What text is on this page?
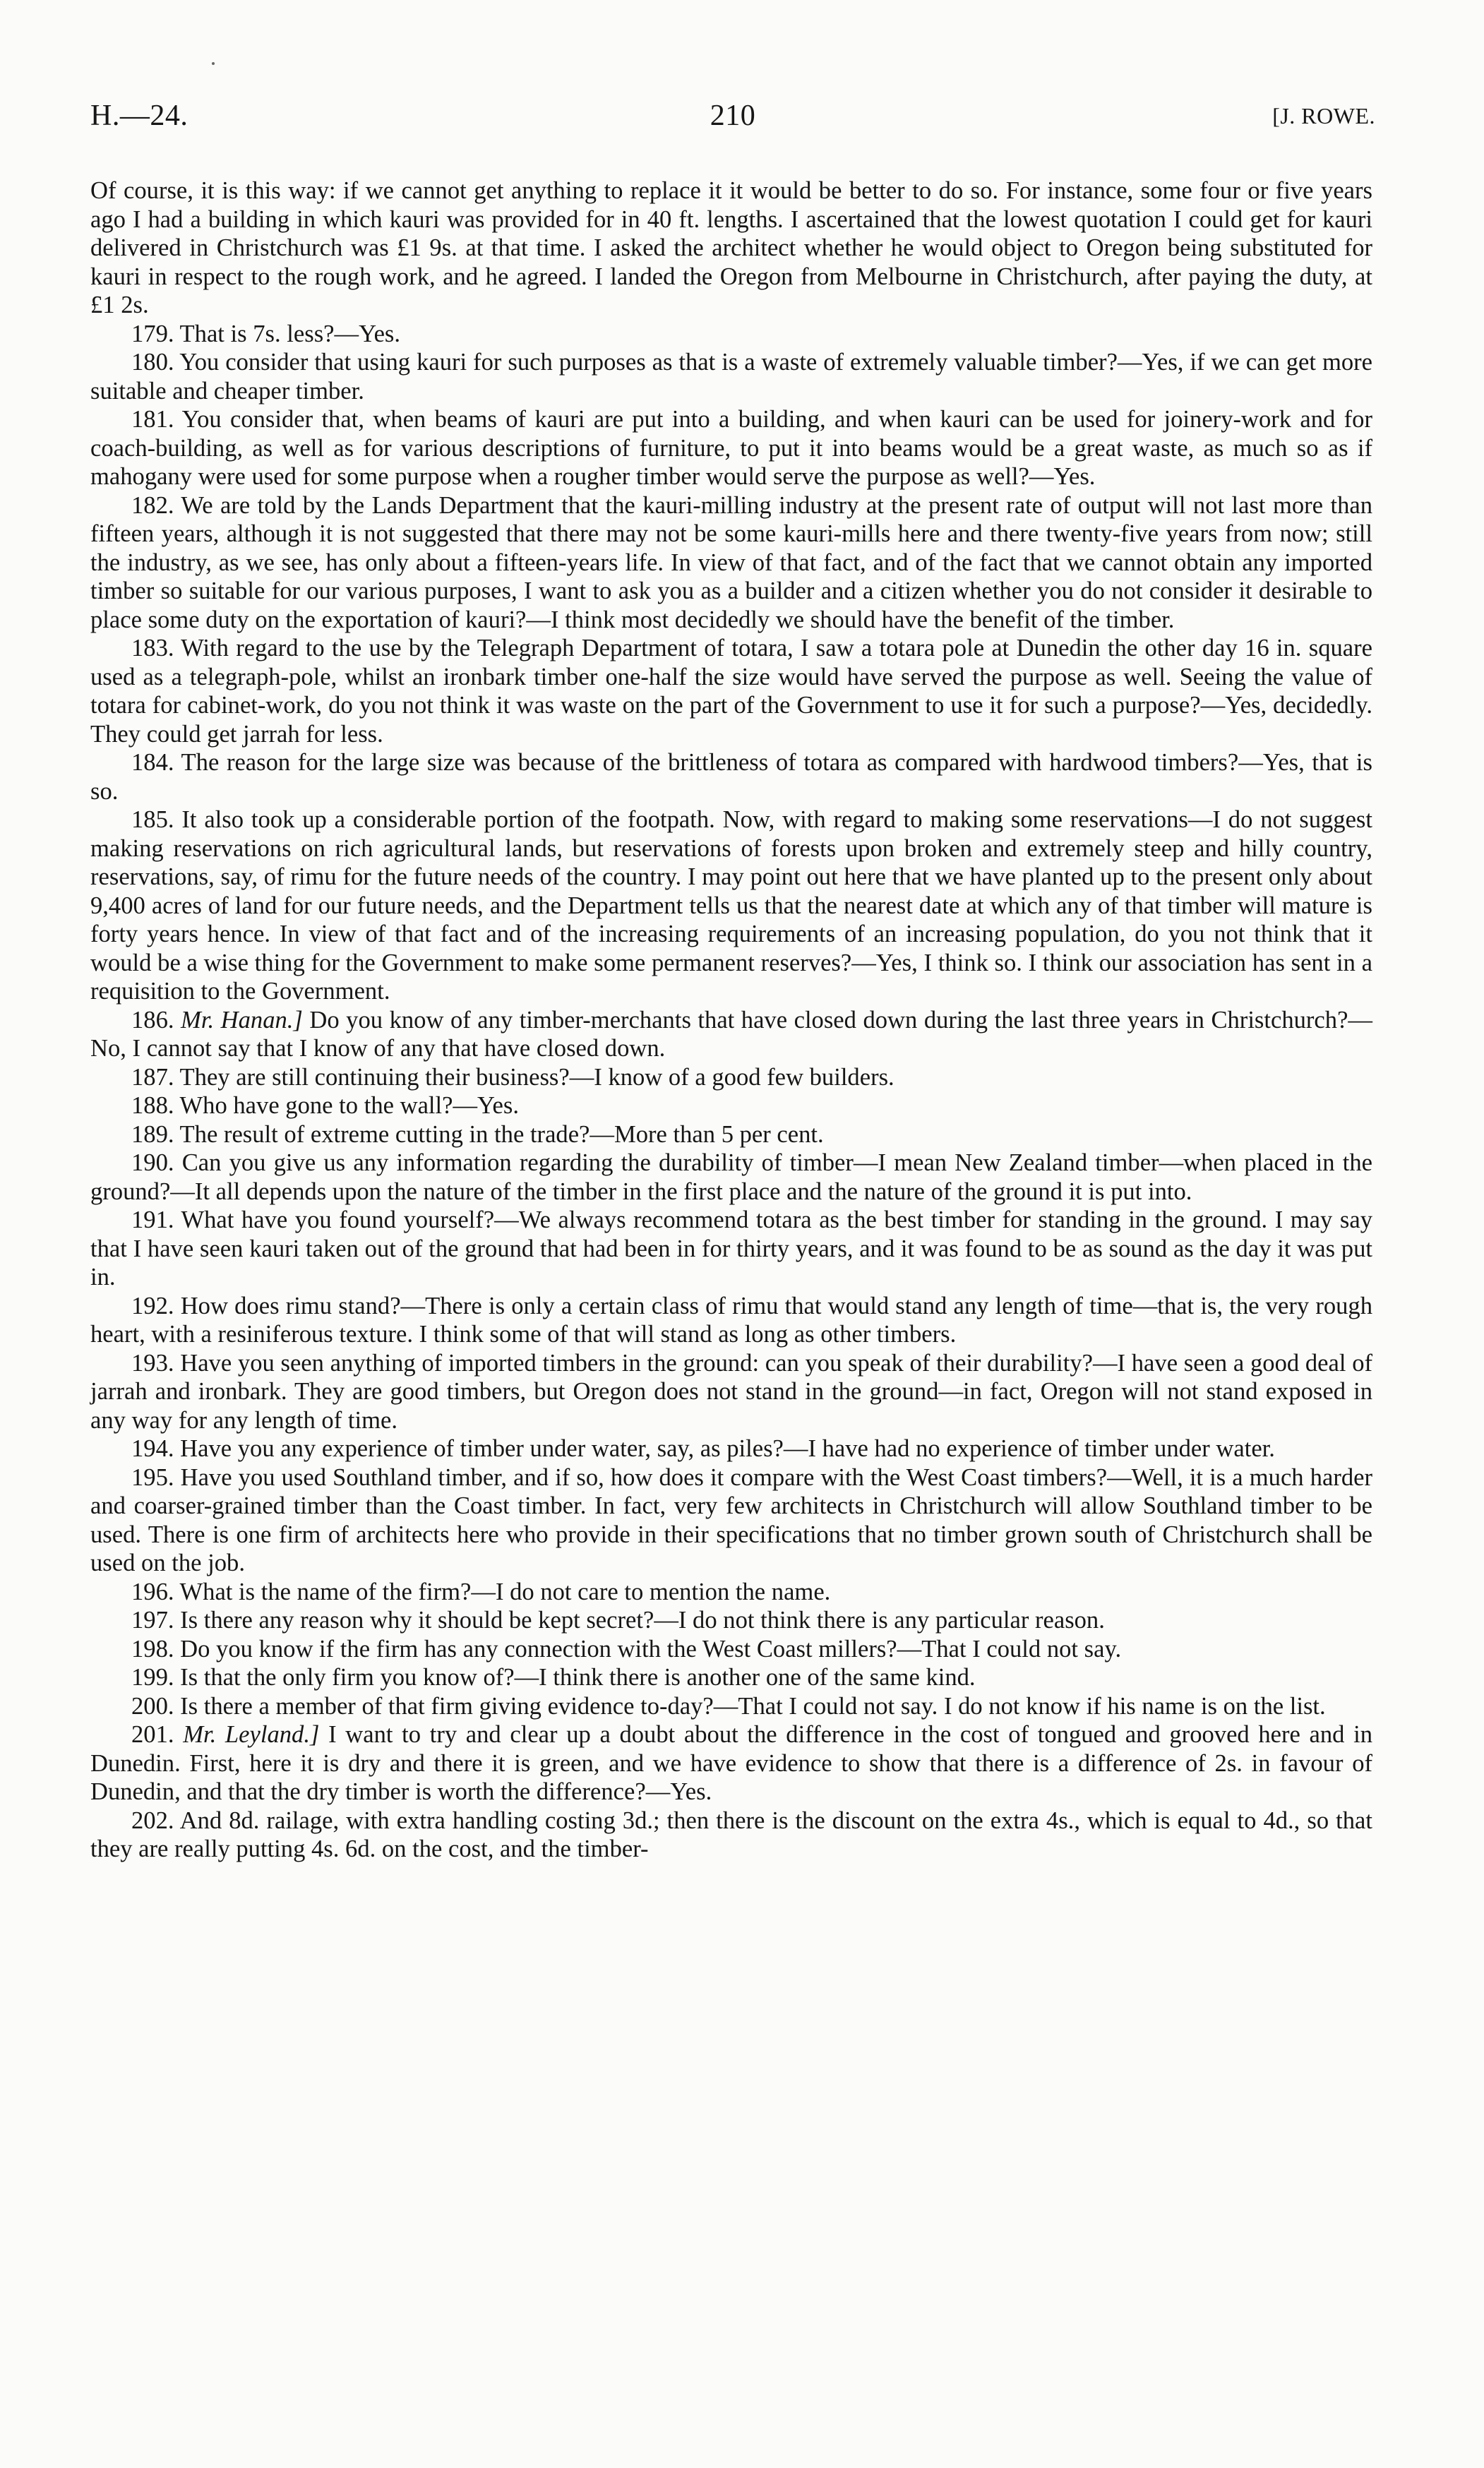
H.—24.	210	[J. ROWE.

Of course, it is this way: if we cannot get anything to replace it it would be better to do so. For instance, some four or five years ago I had a building in which kauri was provided for in 40 ft. lengths. I ascertained that the lowest quotation I could get for kauri delivered in Christchurch was £1 9s. at that time. I asked the architect whether he would object to Oregon being substituted for kauri in respect to the rough work, and he agreed. I landed the Oregon from Melbourne in Christchurch, after paying the duty, at £1 2s.

179. That is 7s. less?—Yes.

180. You consider that using kauri for such purposes as that is a waste of extremely valuable timber?—Yes, if we can get more suitable and cheaper timber.

181. You consider that, when beams of kauri are put into a building, and when kauri can be used for joinery-work and for coach-building, as well as for various descriptions of furniture, to put it into beams would be a great waste, as much so as if mahogany were used for some purpose when a rougher timber would serve the purpose as well?—Yes.

182. We are told by the Lands Department that the kauri-milling industry at the present rate of output will not last more than fifteen years, although it is not suggested that there may not be some kauri-mills here and there twenty-five years from now; still the industry, as we see, has only about a fifteen-years life. In view of that fact, and of the fact that we cannot obtain any imported timber so suitable for our various purposes, I want to ask you as a builder and a citizen whether you do not consider it desirable to place some duty on the exportation of kauri?—I think most decidedly we should have the benefit of the timber.

183. With regard to the use by the Telegraph Department of totara, I saw a totara pole at Dunedin the other day 16 in. square used as a telegraph-pole, whilst an ironbark timber one-half the size would have served the purpose as well. Seeing the value of totara for cabinet-work, do you not think it was waste on the part of the Government to use it for such a purpose?—Yes, decidedly. They could get jarrah for less.

184. The reason for the large size was because of the brittleness of totara as compared with hardwood timbers?—Yes, that is so.

185. It also took up a considerable portion of the footpath. Now, with regard to making some reservations—I do not suggest making reservations on rich agricultural lands, but reservations of forests upon broken and extremely steep and hilly country, reservations, say, of rimu for the future needs of the country. I may point out here that we have planted up to the present only about 9,400 acres of land for our future needs, and the Department tells us that the nearest date at which any of that timber will mature is forty years hence. In view of that fact and of the increasing requirements of an increasing population, do you not think that it would be a wise thing for the Government to make some permanent reserves?—Yes, I think so. I think our association has sent in a requisition to the Government.

186. Mr. Hanan.] Do you know of any timber-merchants that have closed down during the last three years in Christchurch?—No, I cannot say that I know of any that have closed down.

187. They are still continuing their business?—I know of a good few builders.

188. Who have gone to the wall?—Yes.

189. The result of extreme cutting in the trade?—More than 5 per cent.

190. Can you give us any information regarding the durability of timber—I mean New Zealand timber—when placed in the ground?—It all depends upon the nature of the timber in the first place and the nature of the ground it is put into.

191. What have you found yourself?—We always recommend totara as the best timber for standing in the ground. I may say that I have seen kauri taken out of the ground that had been in for thirty years, and it was found to be as sound as the day it was put in.

192. How does rimu stand?—There is only a certain class of rimu that would stand any length of time—that is, the very rough heart, with a resiniferous texture. I think some of that will stand as long as other timbers.

193. Have you seen anything of imported timbers in the ground: can you speak of their durability?—I have seen a good deal of jarrah and ironbark. They are good timbers, but Oregon does not stand in the ground—in fact, Oregon will not stand exposed in any way for any length of time.

194. Have you any experience of timber under water, say, as piles?—I have had no experience of timber under water.

195. Have you used Southland timber, and if so, how does it compare with the West Coast timbers?—Well, it is a much harder and coarser-grained timber than the Coast timber. In fact, very few architects in Christchurch will allow Southland timber to be used. There is one firm of architects here who provide in their specifications that no timber grown south of Christchurch shall be used on the job.

196. What is the name of the firm?—I do not care to mention the name.

197. Is there any reason why it should be kept secret?—I do not think there is any particular reason.

198. Do you know if the firm has any connection with the West Coast millers?—That I could not say.

199. Is that the only firm you know of?—I think there is another one of the same kind.

200. Is there a member of that firm giving evidence to-day?—That I could not say. I do not know if his name is on the list.

201. Mr. Leyland.] I want to try and clear up a doubt about the difference in the cost of tongued and grooved here and in Dunedin. First, here it is dry and there it is green, and we have evidence to show that there is a difference of 2s. in favour of Dunedin, and that the dry timber is worth the difference?—Yes.

202. And 8d. railage, with extra handling costing 3d.; then there is the discount on the extra 4s., which is equal to 4d., so that they are really putting 4s. 6d. on the cost, and the timber-
